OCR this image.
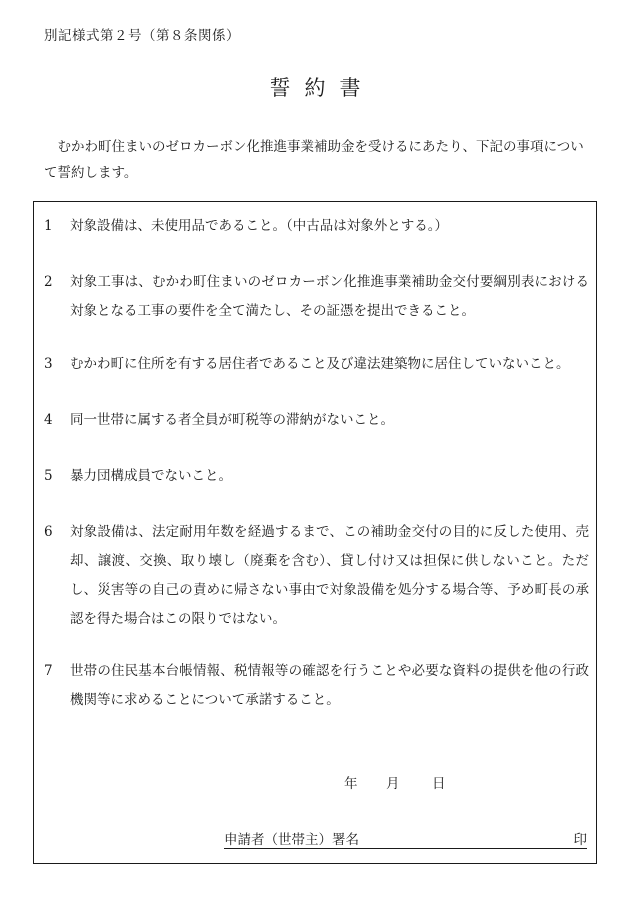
別記様式第２号（第８条関係）
誓約書
むかわ町住まいのゼロカーボン化推進事業補助金を受けるにあたり、下記の事項について誓約します。
1	対象設備は、未使用品であること。（中古品は対象外とする。）
2	対象工事は、むかわ町住まいのゼロカーボン化推進事業補助金交付要綱別表における対象となる工事の要件を全て満たし、その証憑を提出できること。
3	むかわ町に住所を有する居住者であること及び違法建築物に居住していないこと。
4	同一世帯に属する者全員が町税等の滞納がないこと。
5	暴力団構成員でないこと。
6	対象設備は、法定耐用年数を経過するまで、この補助金交付の目的に反した使用、売却、譲渡、交換、取り壊し（廃棄を含む）、貸し付け又は担保に供しないこと。ただし、災害等の自己の責めに帰さない事由で対象設備を処分する場合等、予め町長の承認を得た場合はこの限りではない。
7	世帯の住民基本台帳情報、税情報等の確認を行うことや必要な資料の提供を他の行政機関等に求めることについて承諾すること。
年 月 日
申請者（世帯主）署名	印
